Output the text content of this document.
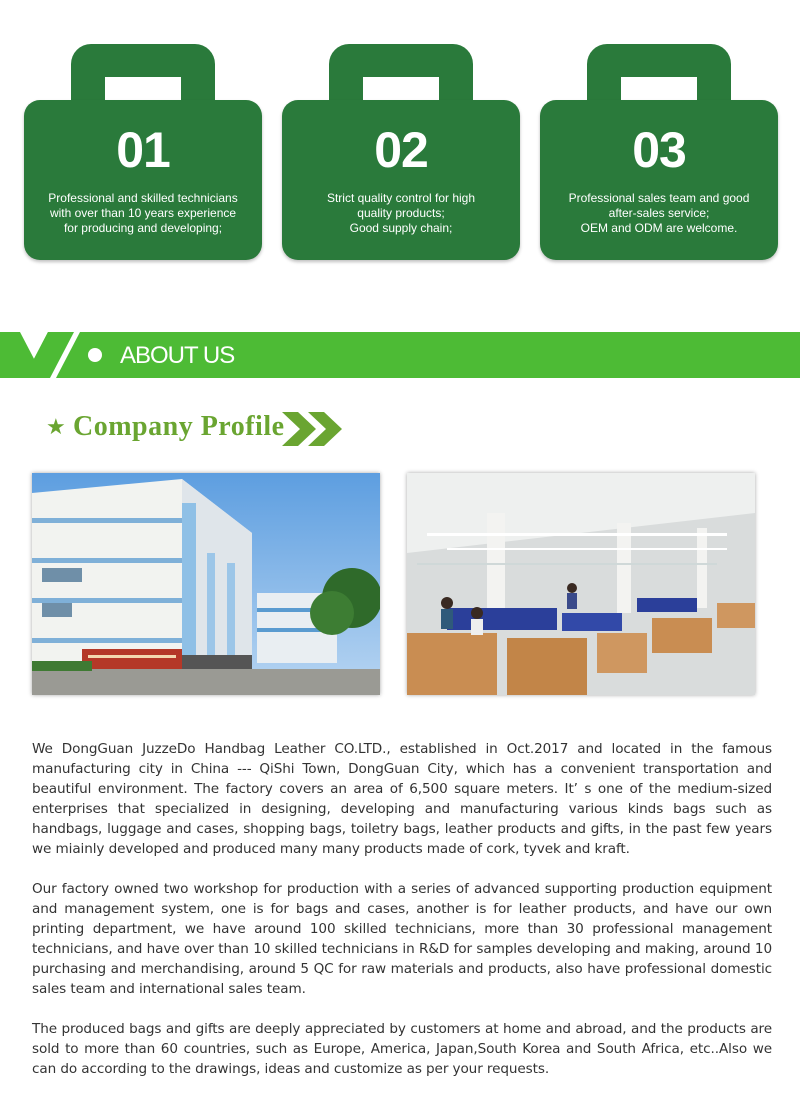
01
Professional and skilled technicians
with over than 10 years experience
for producing and developing;
02
Strict quality control for high
quality products;
Good supply chain;
03
Professional sales team and good
after-sales service;
OEM and ODM are welcome.
ABOUT US
★ Company Profile

We DongGuan JuzzeDo Handbag Leather CO.LTD., established in Oct.2017 and located in the famous manufacturing city in China --- QiShi Town, DongGuan City, which has a convenient transportation and beautiful environment. The factory covers an area of 6,500 square meters. It’ s one of the medium-sized enterprises that specialized in designing, developing and manufacturing various kinds bags such as handbags, luggage and cases, shopping bags, toiletry bags, leather products and gifts, in the past few years we miainly developed and produced many many products made of cork, tyvek and kraft.

Our factory owned two workshop for production with a series of advanced supporting production equipment and management system, one is for bags and cases, another is for leather products, and have our own printing department, we have around 100 skilled technicians, more than 30 professional management technicians, and have over than 10 skilled technicians in R&D for samples developing and making, around 10 purchasing and merchandising, around 5 QC for raw materials and products, also have professional domestic sales team and international sales team.

The produced bags and gifts are deeply appreciated by customers at home and abroad, and the products are sold to more than 60 countries, such as Europe, America, Japan,South Korea and South Africa, etc..Also we can do according to the drawings, ideas and customize as per your requests.
